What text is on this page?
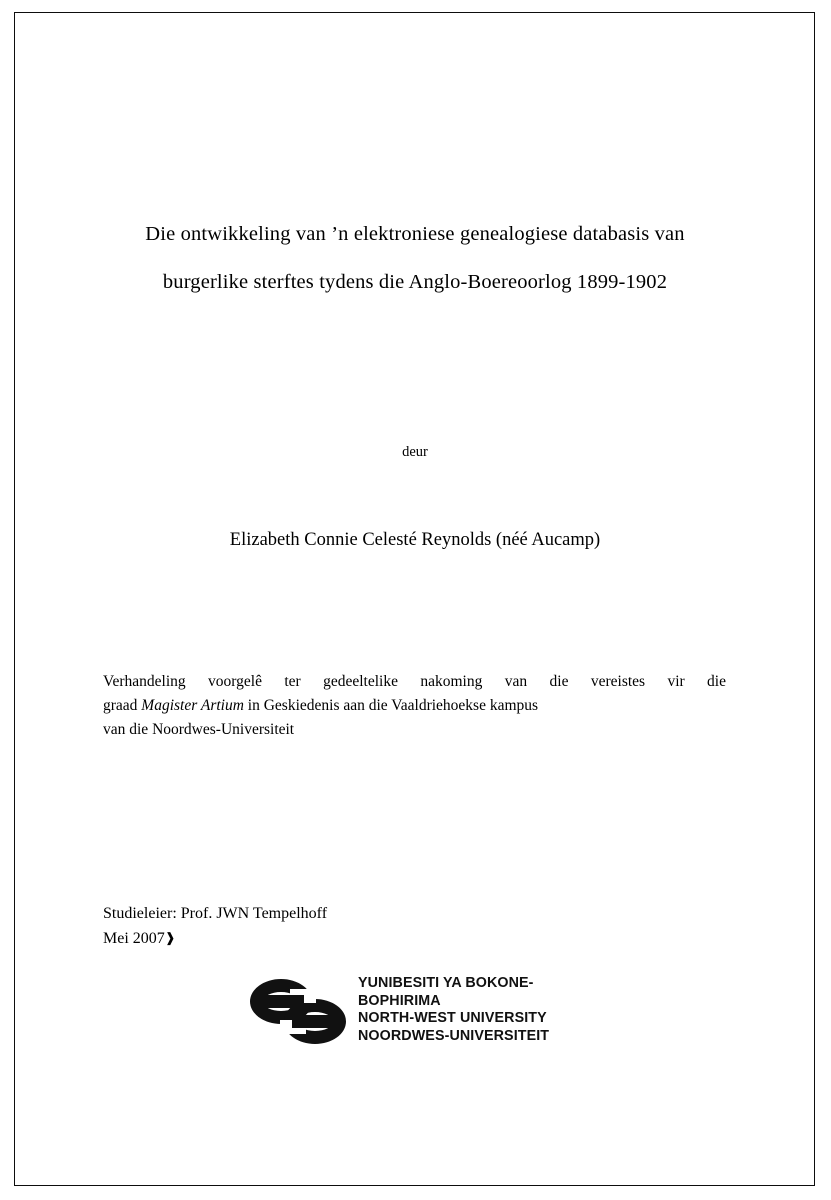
Die ontwikkeling van ’n elektroniese genealogiese databasis van
burgerlike sterftes tydens die Anglo-Boereoorlog 1899-1902
deur
Elizabeth Connie Celesté Reynolds (néé Aucamp)
Verhandeling voorgelê ter gedeeltelike nakoming van die vereistes vir die
graad Magister Artium in Geskiedenis aan die Vaaldriehoekse kampus
van die Noordwes-Universiteit
Studieleier: Prof. JWN Tempelhoff
Mei 2007❱
YUNIBESITI YA BOKONE-BOPHIRIMA
NORTH-WEST UNIVERSITY
NOORDWES-UNIVERSITEIT
